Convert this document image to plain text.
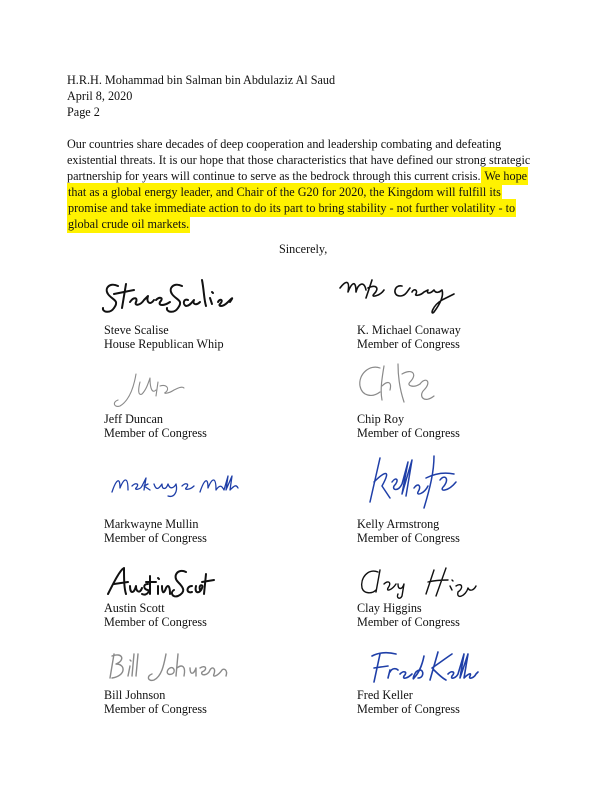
H.R.H. Mohammad bin Salman bin Abdulaziz Al Saud
April 8, 2020
Page 2
Our countries share decades of deep cooperation and leadership combating and defeating
existential threats. It is our hope that those characteristics that have defined our strong strategic
partnership for years will continue to serve as the bedrock through this current crisis. We hope
that as a global energy leader, and Chair of the G20 for 2020, the Kingdom will fulfill its
promise and take immediate action to do its part to bring stability - not further volatility - to
global crude oil markets.
Sincerely,
Steve Scalise
House Republican Whip
K. Michael Conaway
Member of Congress
Jeff Duncan
Member of Congress
Chip Roy
Member of Congress
Markwayne Mullin
Member of Congress
Kelly Armstrong
Member of Congress
Austin Scott
Member of Congress
Clay Higgins
Member of Congress
Bill Johnson
Member of Congress
Fred Keller
Member of Congress
